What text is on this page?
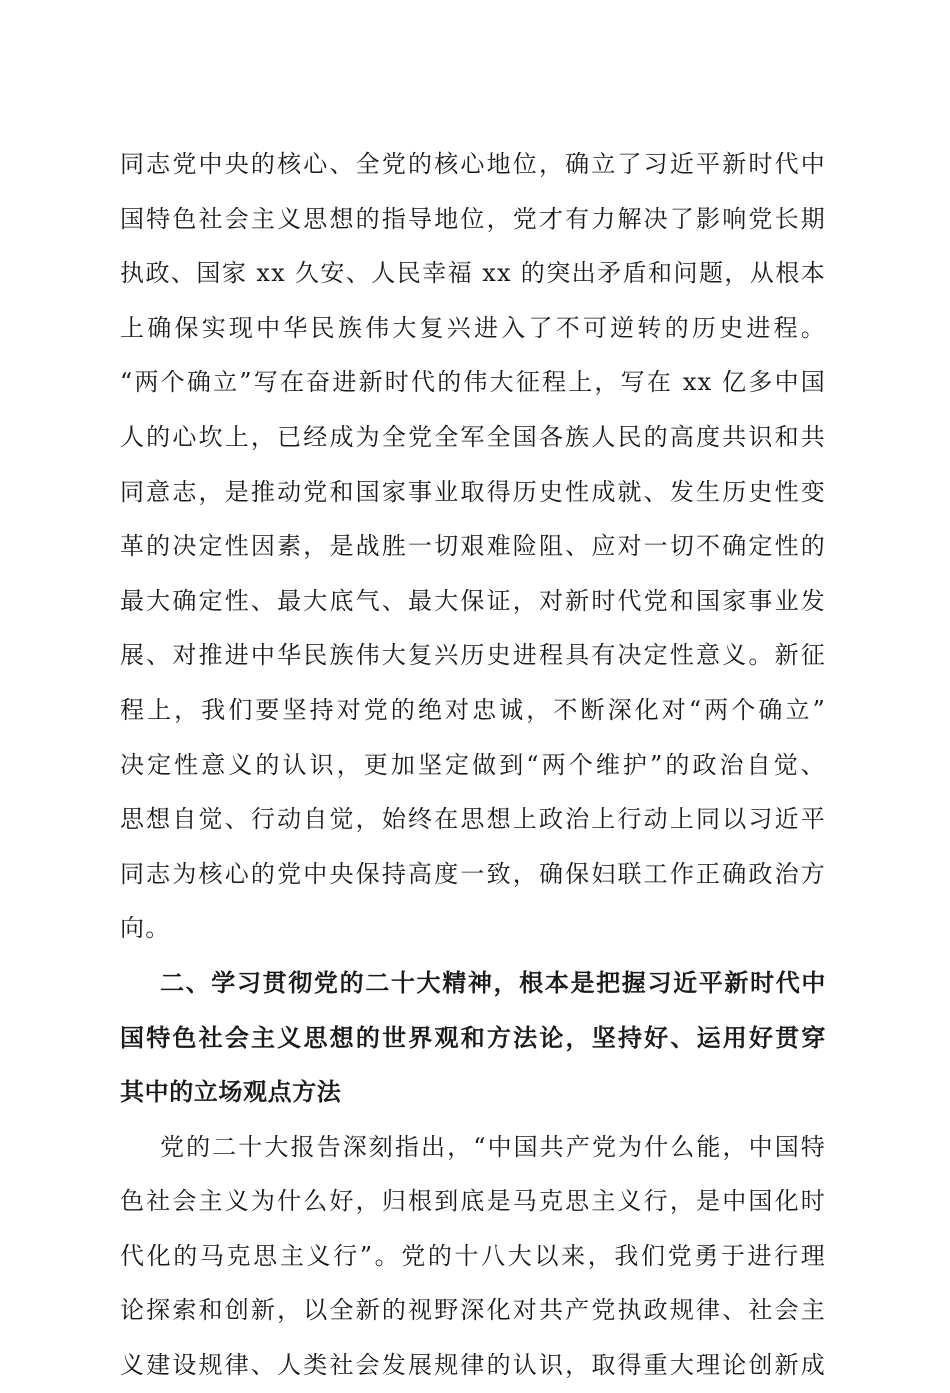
同志党中央的核心、全党的核心地位，确立了习近平新时代中
国特色社会主义思想的指导地位，党才有力解决了影响党长期
执政、国家 xx 久安、人民幸福 xx 的突出矛盾和问题，从根本
上确保实现中华民族伟大复兴进入了不可逆转的历史进程。
“两个确立”写在奋进新时代的伟大征程上，写在 xx 亿多中国
人的心坎上，已经成为全党全军全国各族人民的高度共识和共
同意志，是推动党和国家事业取得历史性成就、发生历史性变
革的决定性因素，是战胜一切艰难险阻、应对一切不确定性的
最大确定性、最大底气、最大保证，对新时代党和国家事业发
展、对推进中华民族伟大复兴历史进程具有决定性意义。新征
程上，我们要坚持对党的绝对忠诚，不断深化对“两个确立”
决定性意义的认识，更加坚定做到“两个维护”的政治自觉、
思想自觉、行动自觉，始终在思想上政治上行动上同以习近平
同志为核心的党中央保持高度一致，确保妇联工作正确政治方
向。
二、学习贯彻党的二十大精神，根本是把握习近平新时代中
国特色社会主义思想的世界观和方法论，坚持好、运用好贯穿
其中的立场观点方法
党的二十大报告深刻指出，“中国共产党为什么能，中国特
色社会主义为什么好，归根到底是马克思主义行，是中国化时
代化的马克思主义行”。党的十八大以来，我们党勇于进行理
论探索和创新，以全新的视野深化对共产党执政规律、社会主
义建设规律、人类社会发展规律的认识，取得重大理论创新成
